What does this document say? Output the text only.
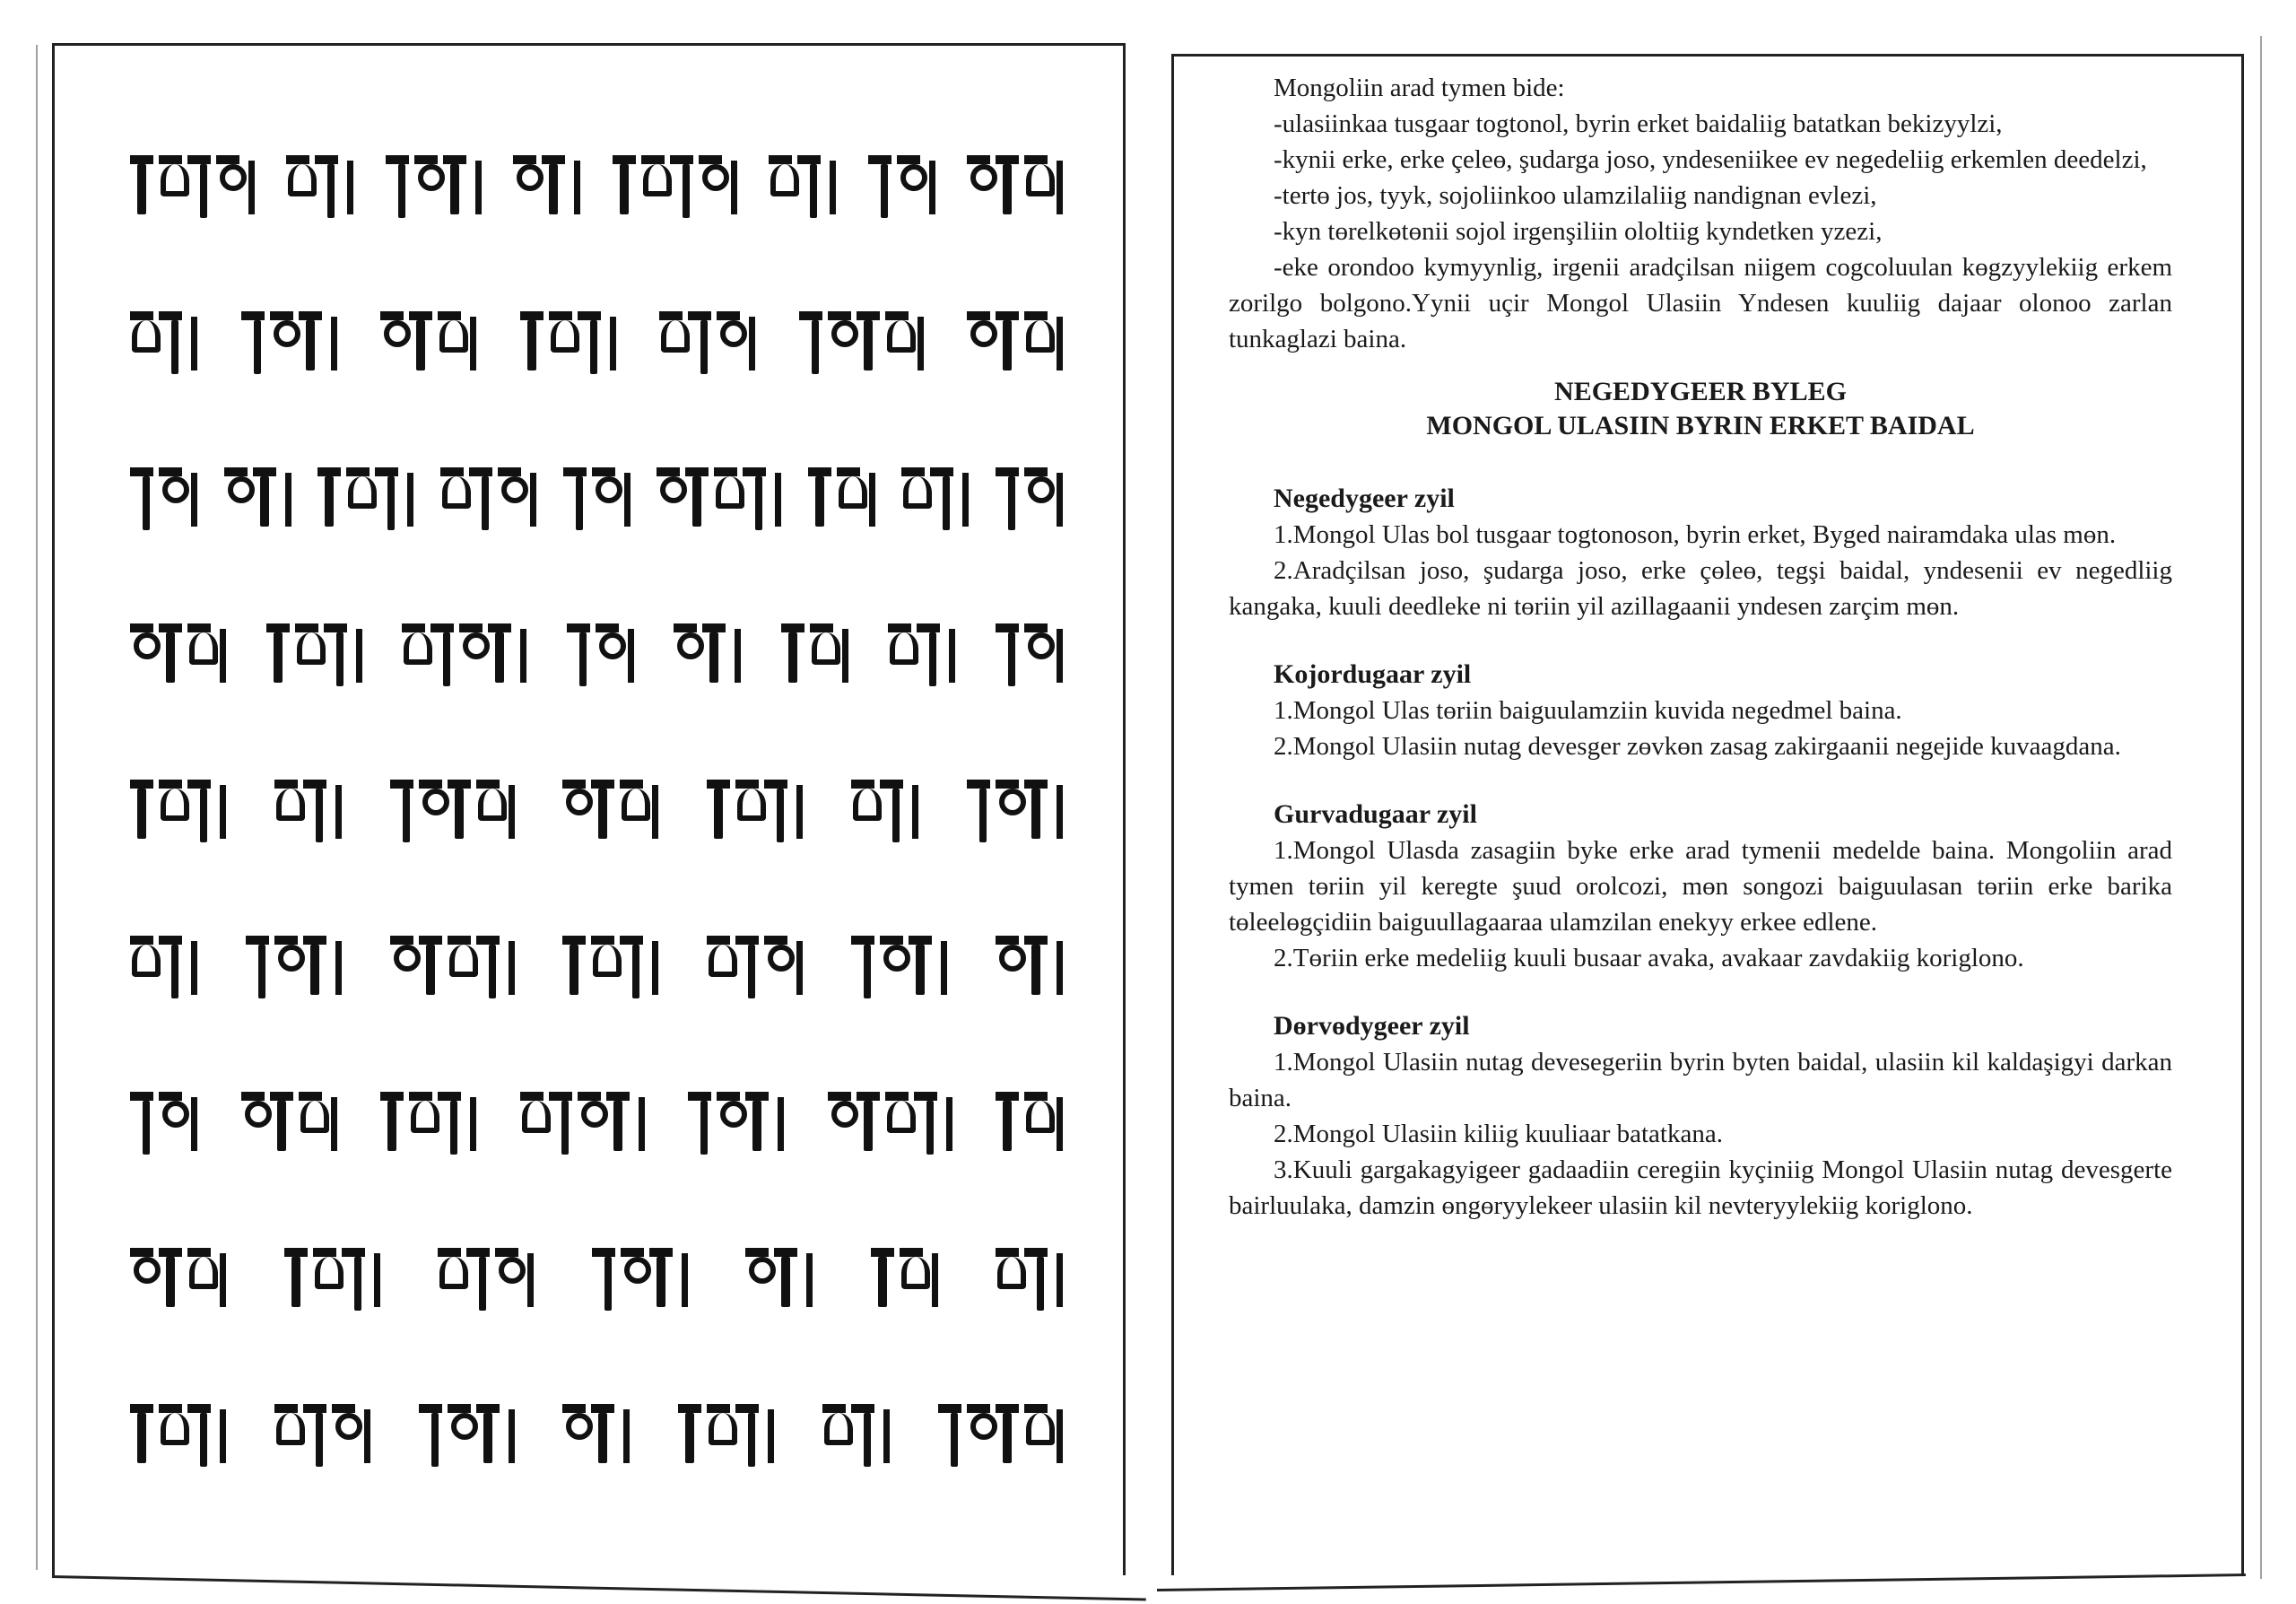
Mongoliin arad tymen bide:

-ulasiinkaa tusgaar togtonol, byrin erket baidaliig batatkan bekizyylzi,

-kynii erke, erke çeleө, şudarga joso, yndeseniikee ev negedeliig erkemlen deedelzi,

-tertө jos, tyyk, sojoliinkoo ulamzilaliig nandignan evlezi,

-kyn tөrelkөtөnii sojol irgenşiliin ololtiig kyndetken yzezi,

-eke orondoo kymyynlig, irgenii aradçilsan niigem cogcoluulan kөgzyylekiig erkem zorilgo bolgono.Yynii uçir Mongol Ulasiin Yndesen kuuliig dajaar olonoo zarlan tunkaglazi baina.

NEGEDYGEER BYLEG
MONGOL ULASIIN BYRIN ERKET BAIDAL

Negedygeer zyil

1.Mongol Ulas bol tusgaar togtonoson, byrin erket, Byged nairamdaka ulas mөn.

2.Aradçilsan joso, şudarga joso, erke çөleө, tegşi baidal, yndesenii ev negedliig kangaka, kuuli deedleke ni tөriin yil azillagaanii yndesen zarçim mөn.

Kojordugaar zyil

1.Mongol Ulas tөriin baiguulamziin kuvida negedmel baina.

2.Mongol Ulasiin nutag devesger zөvkөn zasag zakirgaanii negejide kuvaagdana.

Gurvadugaar zyil

1.Mongol Ulasda zasagiin byke erke arad tymenii medelde baina. Mongoliin arad tymen tөriin yil keregte şuud orolcozi, mөn songozi baiguulasan tөriin erke barika tөleelөgçidiin baiguullagaaraa ulamzilan enekyy erkee edlene.

2.Tөriin erke medeliig kuuli busaar avaka, avakaar zavdakiig koriglono.

Dөrvөdygeer zyil

1.Mongol Ulasiin nutag devesegeriin byrin byten baidal, ulasiin kil kaldaşigyi darkan baina.

2.Mongol Ulasiin kiliig kuuliaar batatkana.

3.Kuuli gargakagyigeer gadaadiin ceregiin kyçiniig Mongol Ulasiin nutag devesgerte bairluulaka, damzin өngөryylekeer ulasiin kil nevteryylekiig koriglono.
